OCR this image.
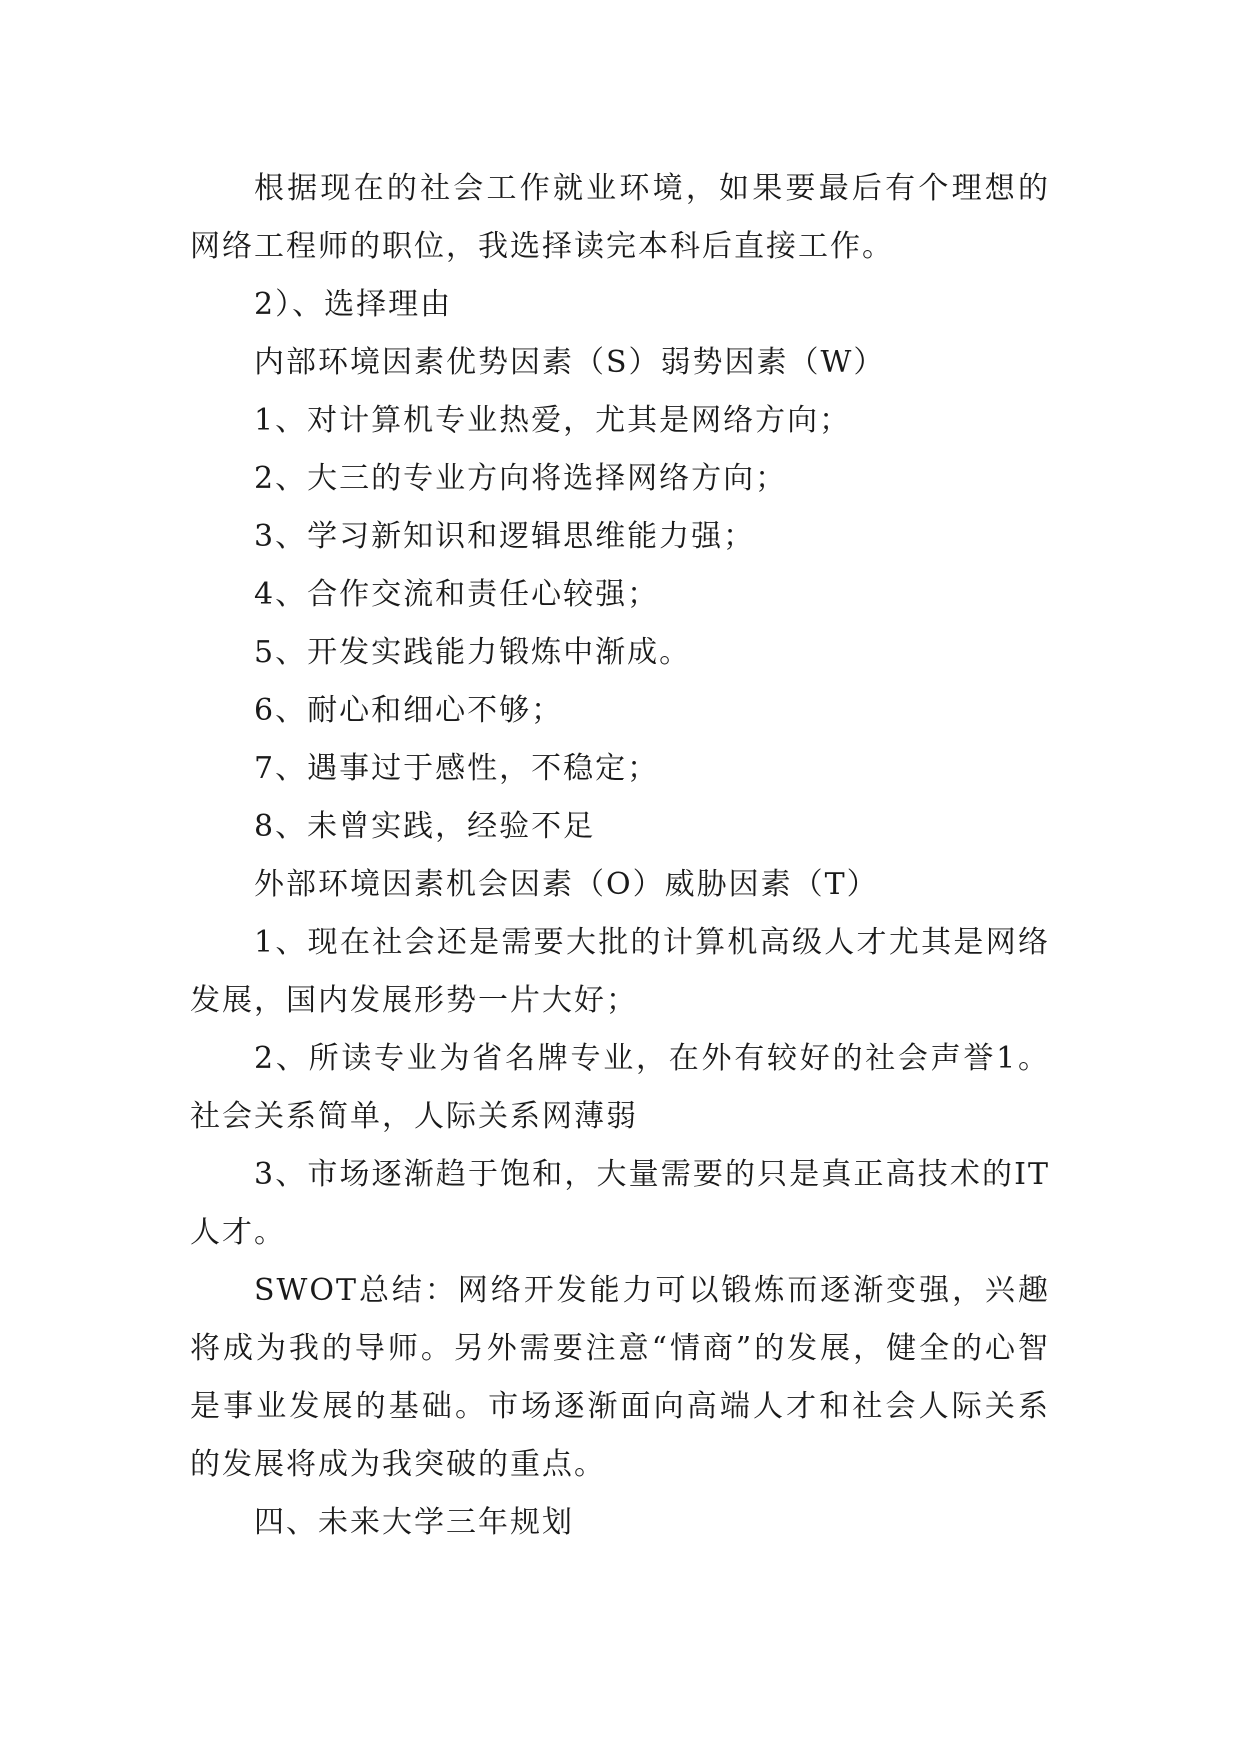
根据现在的社会工作就业环境，如果要最后有个理想的网络工程师的职位，我选择读完本科后直接工作。

2）、选择理由

内部环境因素优势因素（S）弱势因素（W）

1、对计算机专业热爱，尤其是网络方向；

2、大三的专业方向将选择网络方向；

3、学习新知识和逻辑思维能力强；

4、合作交流和责任心较强；

5、开发实践能力锻炼中渐成。

6、耐心和细心不够；

7、遇事过于感性，不稳定；

8、未曾实践，经验不足

外部环境因素机会因素（O）威胁因素（T）

1、现在社会还是需要大批的计算机高级人才尤其是网络发展，国内发展形势一片大好；

2、所读专业为省名牌专业，在外有较好的社会声誉1。社会关系简单，人际关系网薄弱

3、市场逐渐趋于饱和，大量需要的只是真正高技术的IT人才。

SWOT总结：网络开发能力可以锻炼而逐渐变强，兴趣将成为我的导师。另外需要注意“情商”的发展，健全的心智是事业发展的基础。市场逐渐面向高端人才和社会人际关系的发展将成为我突破的重点。

四、未来大学三年规划
